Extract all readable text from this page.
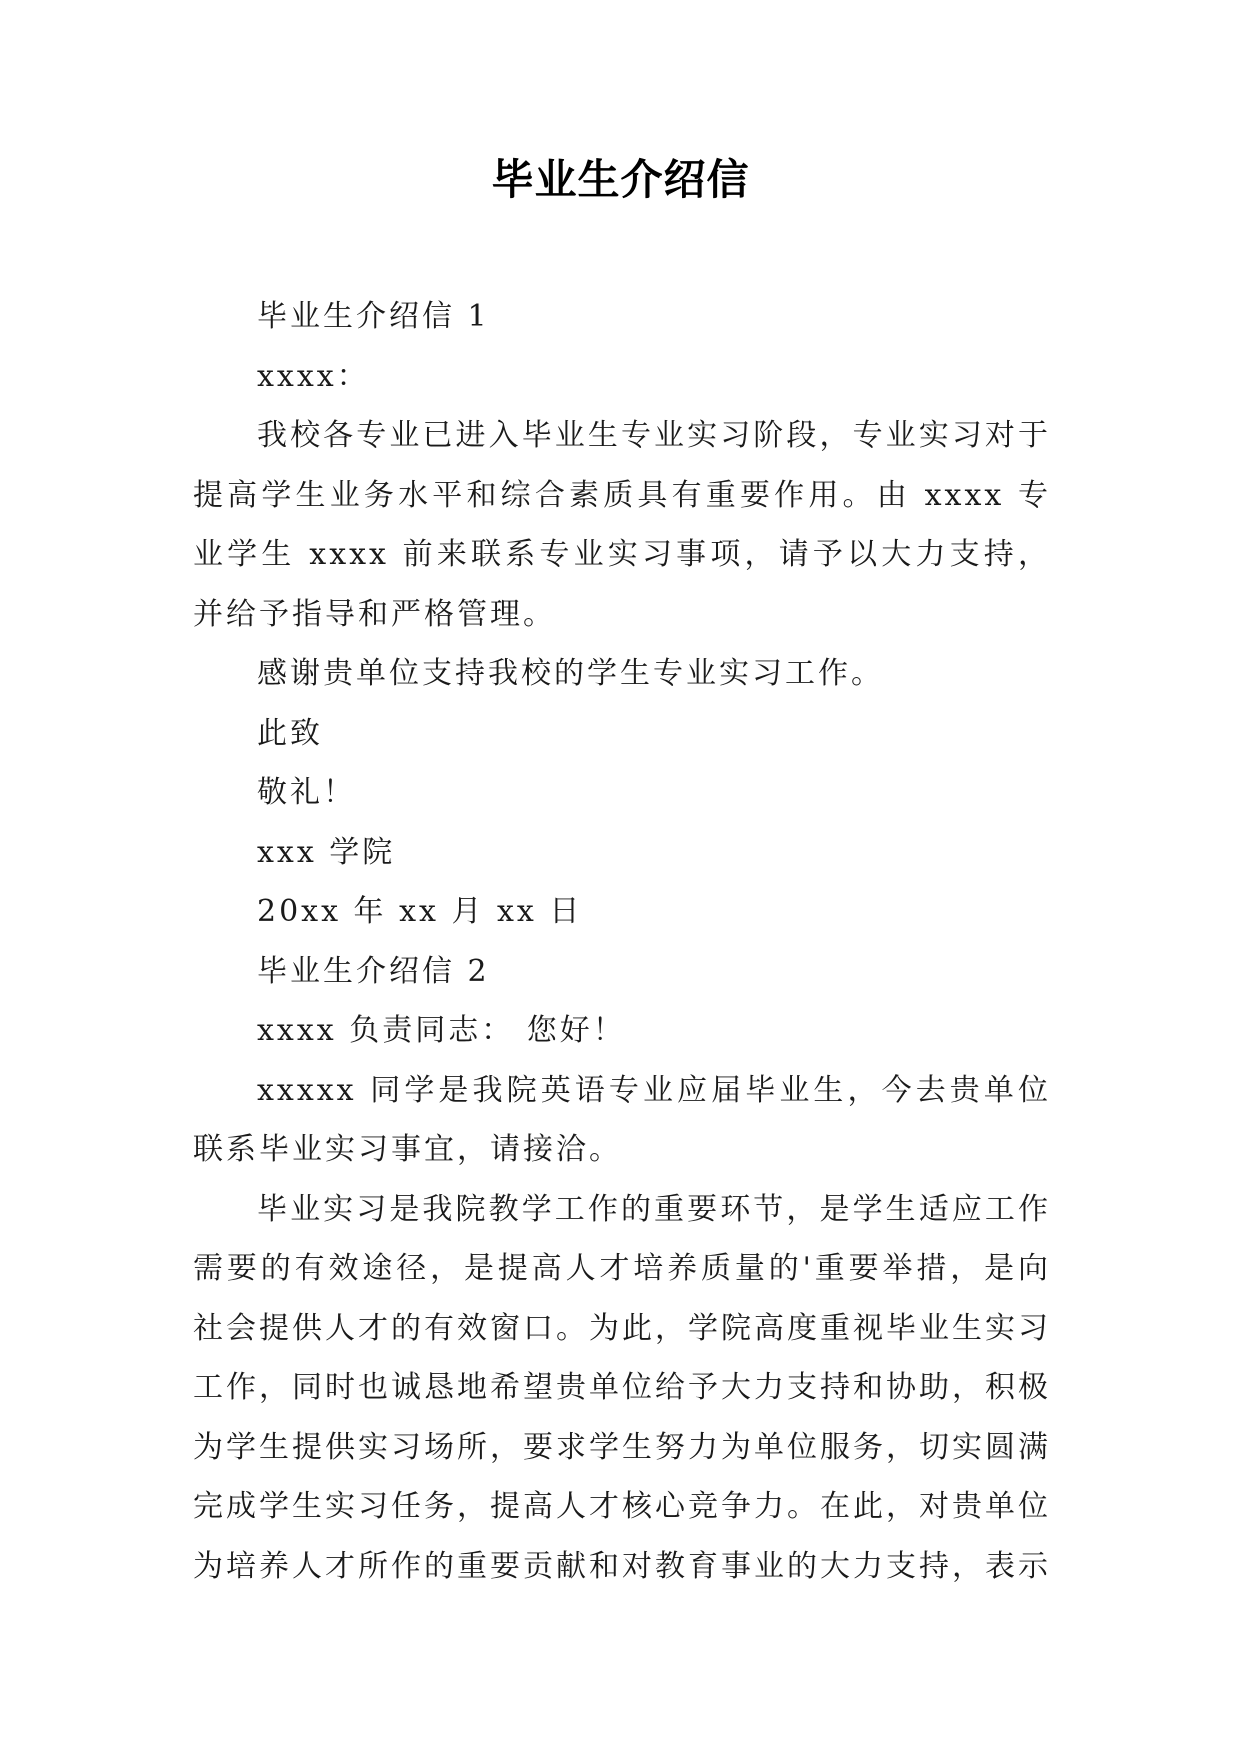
毕业生介绍信

毕业生介绍信 1

xxxx：

我校各专业已进入毕业生专业实习阶段，专业实习对于提高学生业务水平和综合素质具有重要作用。由 xxxx 专业学生 xxxx 前来联系专业实习事项，请予以大力支持，并给予指导和严格管理。

感谢贵单位支持我校的学生专业实习工作。

此致

敬礼！

xxx 学院

20xx 年 xx 月 xx 日

毕业生介绍信 2

xxxx 负责同志： 您好！

xxxxx 同学是我院英语专业应届毕业生，今去贵单位联系毕业实习事宜，请接洽。

毕业实习是我院教学工作的重要环节，是学生适应工作需要的有效途径，是提高人才培养质量的'重要举措，是向社会提供人才的有效窗口。为此，学院高度重视毕业生实习工作，同时也诚恳地希望贵单位给予大力支持和协助，积极为学生提供实习场所，要求学生努力为单位服务，切实圆满完成学生实习任务，提高人才核心竞争力。在此，对贵单位为培养人才所作的重要贡献和对教育事业的大力支持，表示
